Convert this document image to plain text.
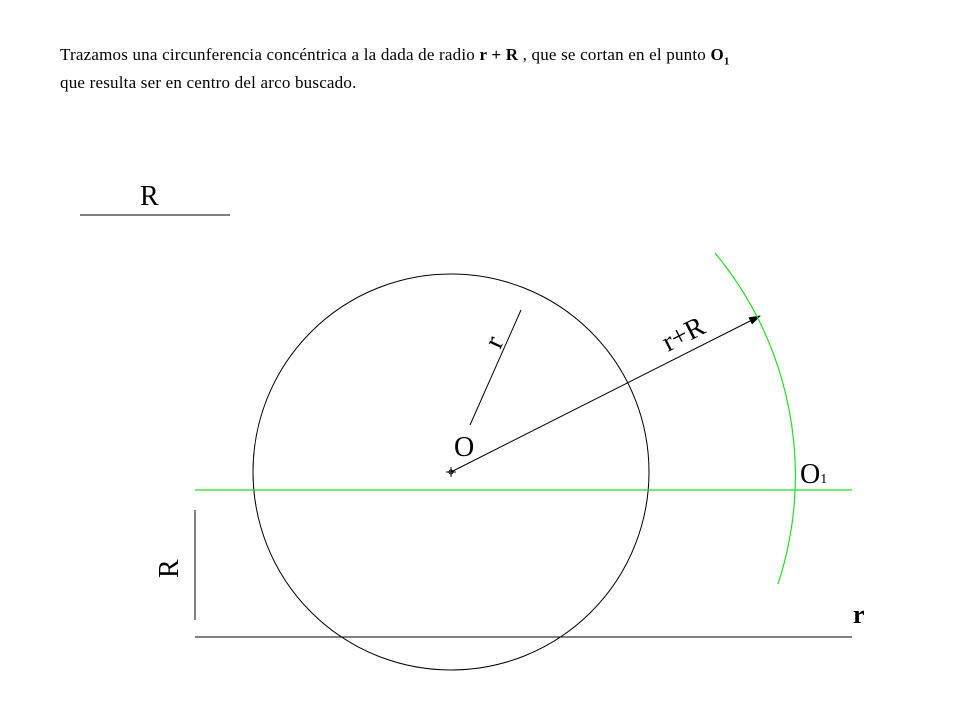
Trazamos una circunferencia concéntrica a la dada de radio r + R , que se cortan en el punto $O_1$
que resulta ser en centro del arco buscado.
R
r	r+R
O
O1
R
r
